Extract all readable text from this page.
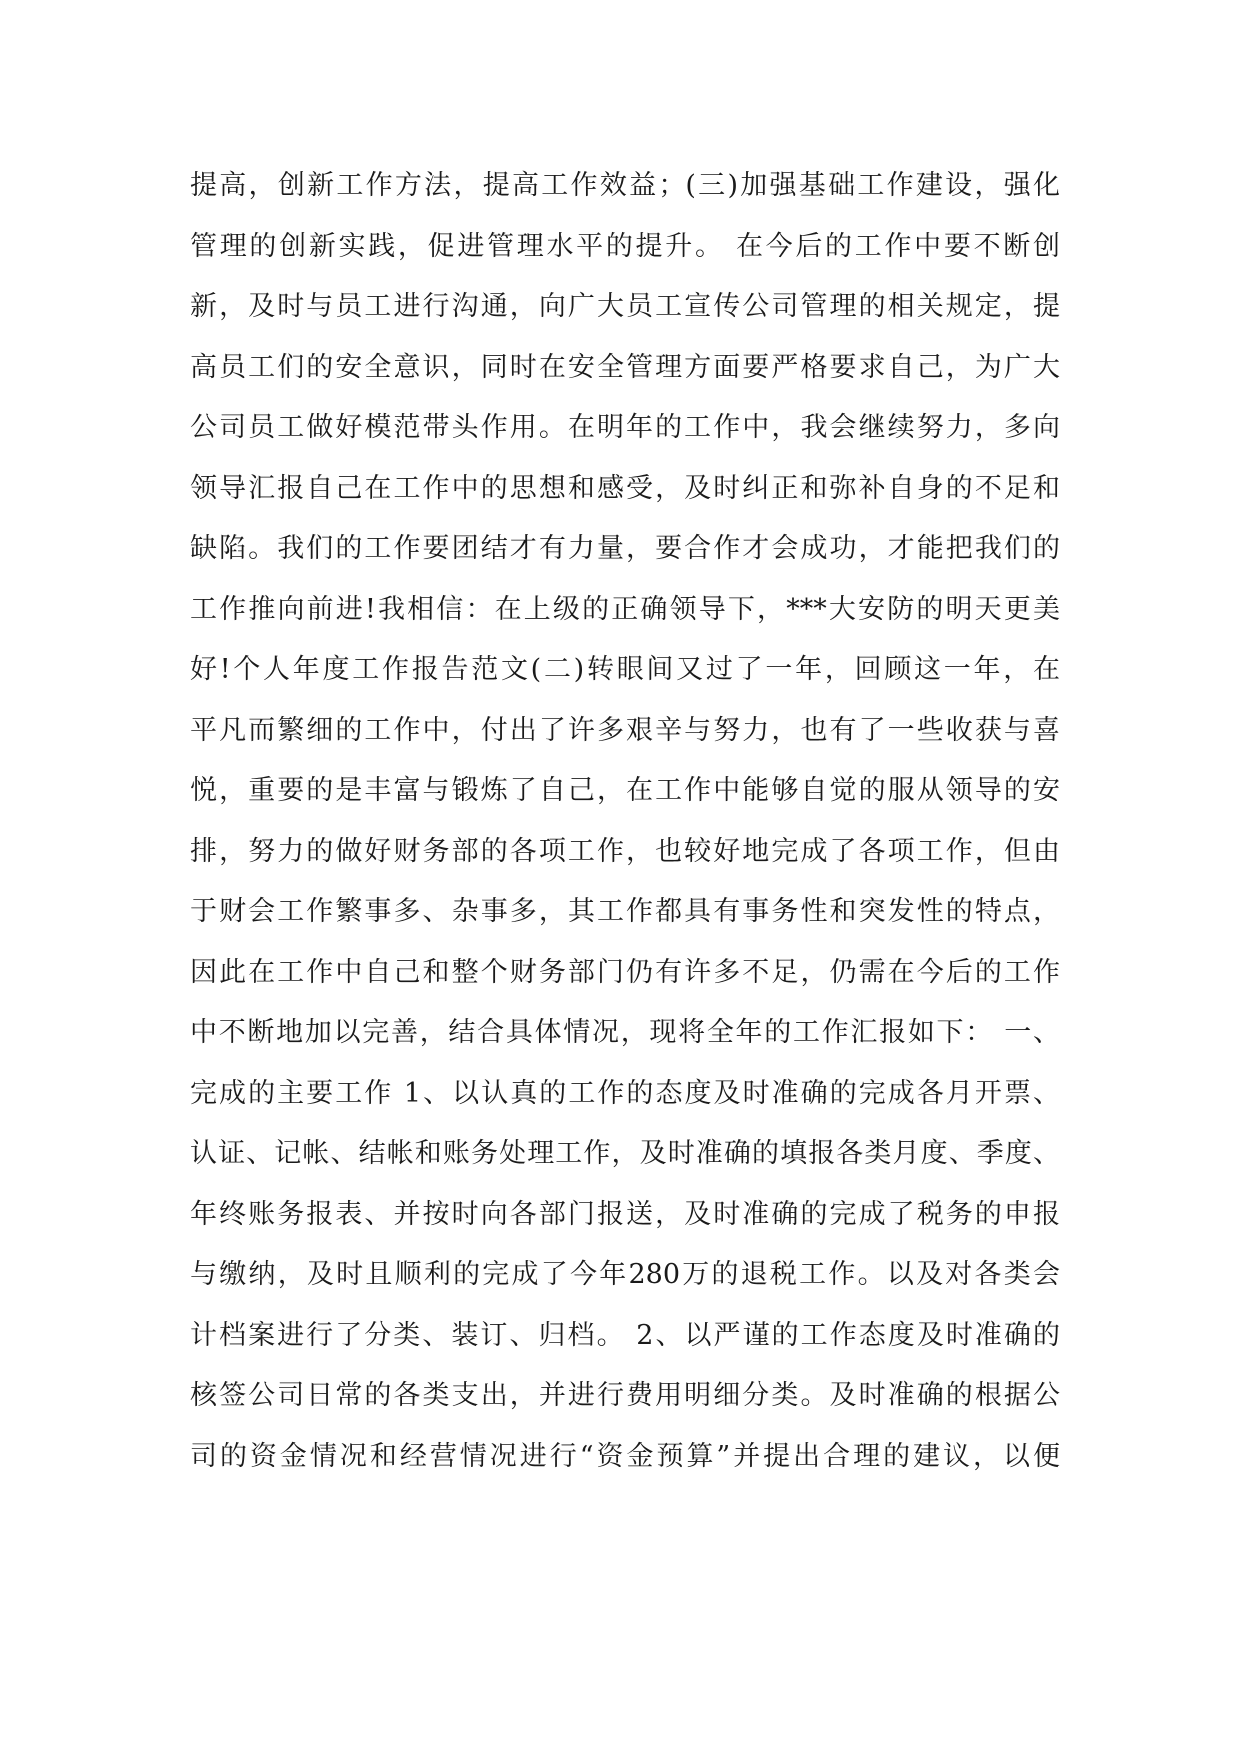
提高，创新工作方法，提高工作效益；(三)加强基础工作建设，强化
管理的创新实践，促进管理水平的提升。 在今后的工作中要不断创
新，及时与员工进行沟通，向广大员工宣传公司管理的相关规定，提
高员工们的安全意识，同时在安全管理方面要严格要求自己，为广大
公司员工做好模范带头作用。在明年的工作中，我会继续努力，多向
领导汇报自己在工作中的思想和感受，及时纠正和弥补自身的不足和
缺陷。我们的工作要团结才有力量，要合作才会成功，才能把我们的
工作推向前进!我相信：在上级的正确领导下，***大安防的明天更美
好!个人年度工作报告范文(二)转眼间又过了一年，回顾这一年，在
平凡而繁细的工作中，付出了许多艰辛与努力，也有了一些收获与喜
悦，重要的是丰富与锻炼了自己，在工作中能够自觉的服从领导的安
排，努力的做好财务部的各项工作，也较好地完成了各项工作，但由
于财会工作繁事多、杂事多，其工作都具有事务性和突发性的特点，
因此在工作中自己和整个财务部门仍有许多不足，仍需在今后的工作
中不断地加以完善，结合具体情况，现将全年的工作汇报如下： 一、
完成的主要工作 1、以认真的工作的态度及时准确的完成各月开票、
认证、记帐、结帐和账务处理工作，及时准确的填报各类月度、季度、
年终账务报表、并按时向各部门报送，及时准确的完成了税务的申报
与缴纳，及时且顺利的完成了今年280万的退税工作。以及对各类会
计档案进行了分类、装订、归档。 2、以严谨的工作态度及时准确的
核签公司日常的各类支出，并进行费用明细分类。及时准确的根据公
司的资金情况和经营情况进行“资金预算”并提出合理的建议，以便
